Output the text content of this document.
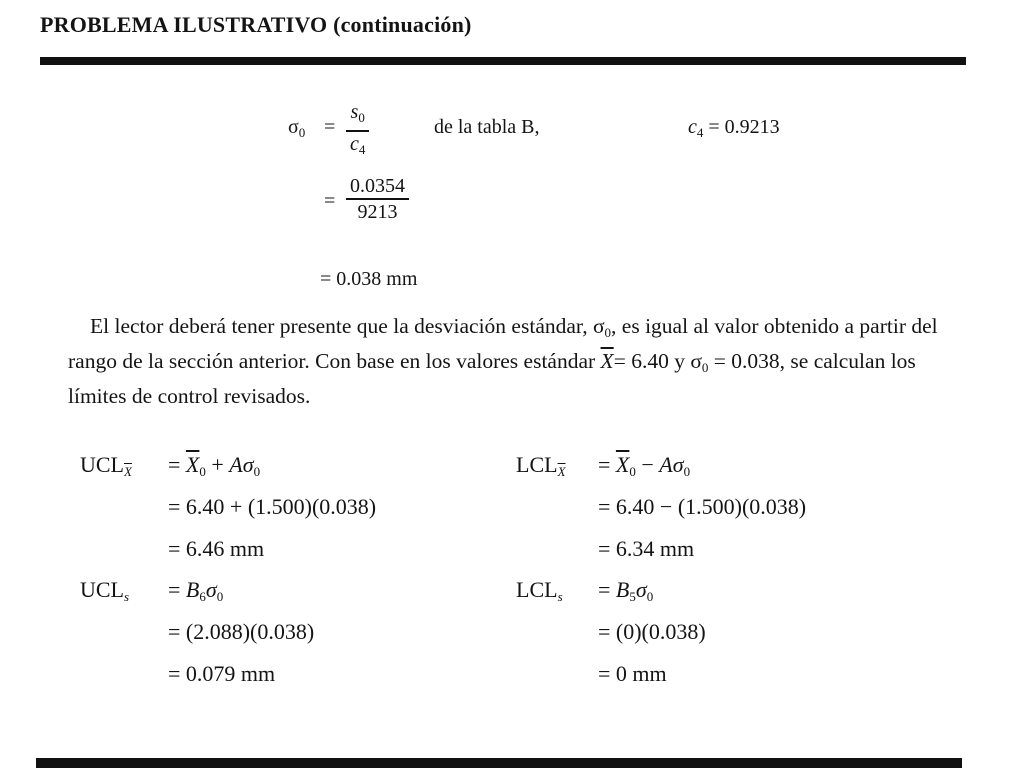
PROBLEMA ILUSTRATIVO (continuación)
$\sigma_0$ =
$s_0$
$c_4$
de la tabla B,	$c_4 = 0.9213$
=
0.0354
9213
= 0.038 mm
El lector deberá tener presente que la desviación estándar, $\sigma_0$, es igual al valor obtenido a partir del rango de la sección anterior. Con base en los valores estándar $\overline{X}= 6.40$ y $\sigma_0 = 0.038$, se calculan los límites de control revisados.
$UCL_{\overline{X}} = \overline{X}_0 + A\sigma_0$
= 6.40 + (1.500)(0.038)
= 6.46 mm
$LCL_{\overline{X}} = \overline{X}_0 - A\sigma_0$
= 6.40 − (1.500)(0.038)
= 6.34 mm
$UCL_s = B_6\sigma_0$
= (2.088)(0.038)
= 0.079 mm
$LCL_s = B_5\sigma_0$
= (0)(0.038)
= 0 mm
